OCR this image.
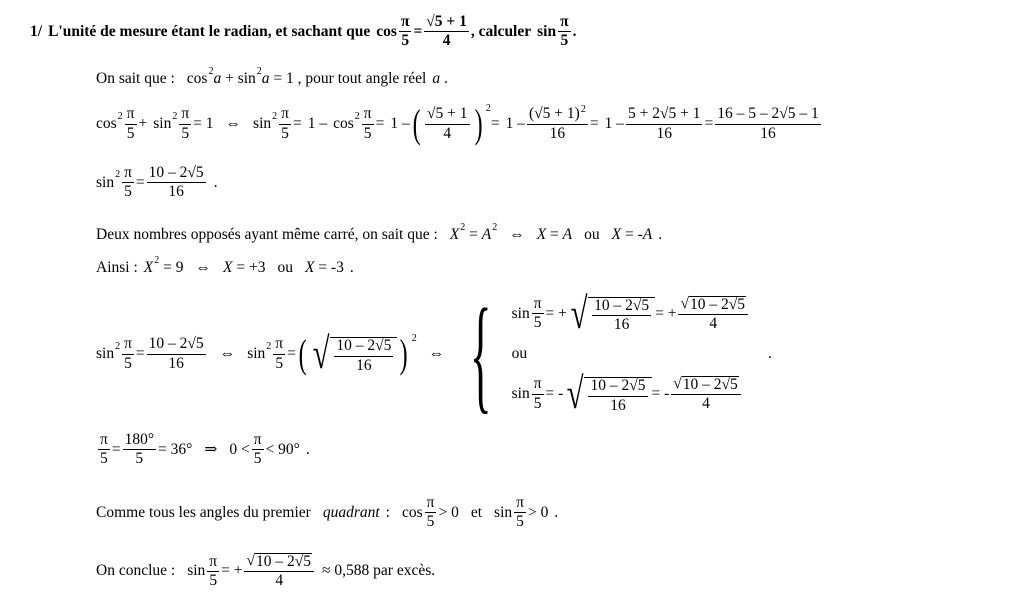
1/ L'unité de mesure étant le radian, et sachant que $\cos \frac{\pi}{5} = \frac{√5 + 1}{4}$ , calculer $\sin \frac{\pi}{5}$ .
On sait que : cos 2 a + sin 2 a = 1 , pour tout angle réel a .
$\cos 2 \frac{\pi}{5} + \sin 2 \frac{\pi}{5} = 1$ ⇔ $\sin 2 \frac{\pi}{5} = 1 - \cos 2 \frac{\pi}{5} = 1$ – ( $\frac{√5 + 1}{4}$ ) 2
= $1 - \frac{(√5 + 1)^2}{16} = 1 - \frac{5 + 2√5 + 1}{16} = \frac{16 - 5 - 2√5 - 1}{16}$
$\sin 2 \frac{\pi}{5} = \frac{10 - 2√5}{16}$ .
Deux nombres opposés ayant même carré, on sait que : X 2 = A 2 ⇔ X = A ou X = -A .
Ainsi : X 2 = 9 ⇔ X = +3 ou X = -3 .
$\sin 2 \frac{\pi}{5} = \frac{10 - 2√5}{16}$ ⇔ $\sin 2 \frac{\pi}{5}$ = ( √ $\frac{10 - 2√5}{16}$ ) 2
⇔ { $\sin \frac{\pi}{5}$ = + √ $\frac{10 - 2√5}{16}$ = + $\frac{√ 10 - 2√5}{4}$
ou
$\sin \frac{\pi}{5}$ = - √ $\frac{10 - 2√5}{16}$ = - $\frac{√ 10 - 2√5}{4}$
.
$\frac{\pi}{5} = \frac{180^\circ}{5} = 36^\circ$ ⇒ $0 < \frac{\pi}{5} < 90^\circ$ .
Comme tous les angles du premier quadrant : $\cos \frac{\pi}{5} > 0$ et $\sin \frac{\pi}{5} > 0$ .
On conclue : $\sin \frac{\pi}{5}$ = + $\frac{√ 10 - 2√5}{4} \approx 0,588$ par excès.
